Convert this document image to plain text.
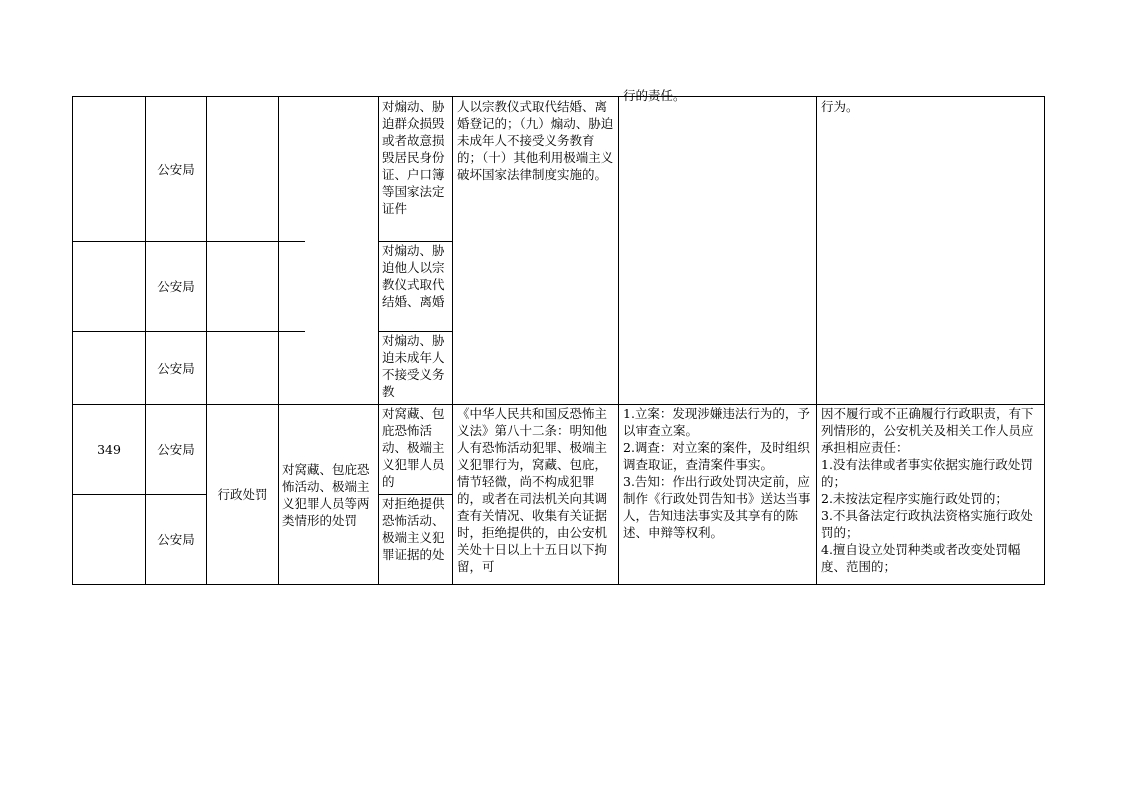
349
公安局
公安局
公安局
公安局
公安局
行政处罚
对窝藏、包庇恐怖活动、极端主义犯罪人员等两类情形的处罚
对煽动、胁迫群众损毁或者故意损毁居民身份证、户口簿等国家法定证件
对煽动、胁迫他人以宗教仪式取代结婚、离婚
对煽动、胁迫未成年人不接受义务教
对窝藏、包庇恐怖活动、极端主义犯罪人员的
对拒绝提供恐怖活动、极端主义犯罪证据的处
人以宗教仪式取代结婚、离婚登记的；（九）煽动、胁迫未成年人不接受义务教育的；（十）其他利用极端主义破坏国家法律制度实施的。
《中华人民共和国反恐怖主义法》第八十二条：明知他人有恐怖活动犯罪、极端主义犯罪行为，窝藏、包庇，情节轻微，尚不构成犯罪的，或者在司法机关向其调查有关情况、收集有关证据时，拒绝提供的，由公安机关处十日以上十五日以下拘留，可
行的责任。
1.立案：发现涉嫌违法行为的，予以审查立案。
2.调查：对立案的案件，及时组织调查取证，查清案件事实。
3.告知：作出行政处罚决定前，应制作《行政处罚告知书》送达当事人，告知违法事实及其享有的陈述、申辩等权利。
行为。
因不履行或不正确履行行政职责，有下列情形的，公安机关及相关工作人员应承担相应责任：
1.没有法律或者事实依据实施行政处罚的；
2.未按法定程序实施行政处罚的；
3.不具备法定行政执法资格实施行政处罚的；
4.擅自设立处罚种类或者改变处罚幅度、范围的；
